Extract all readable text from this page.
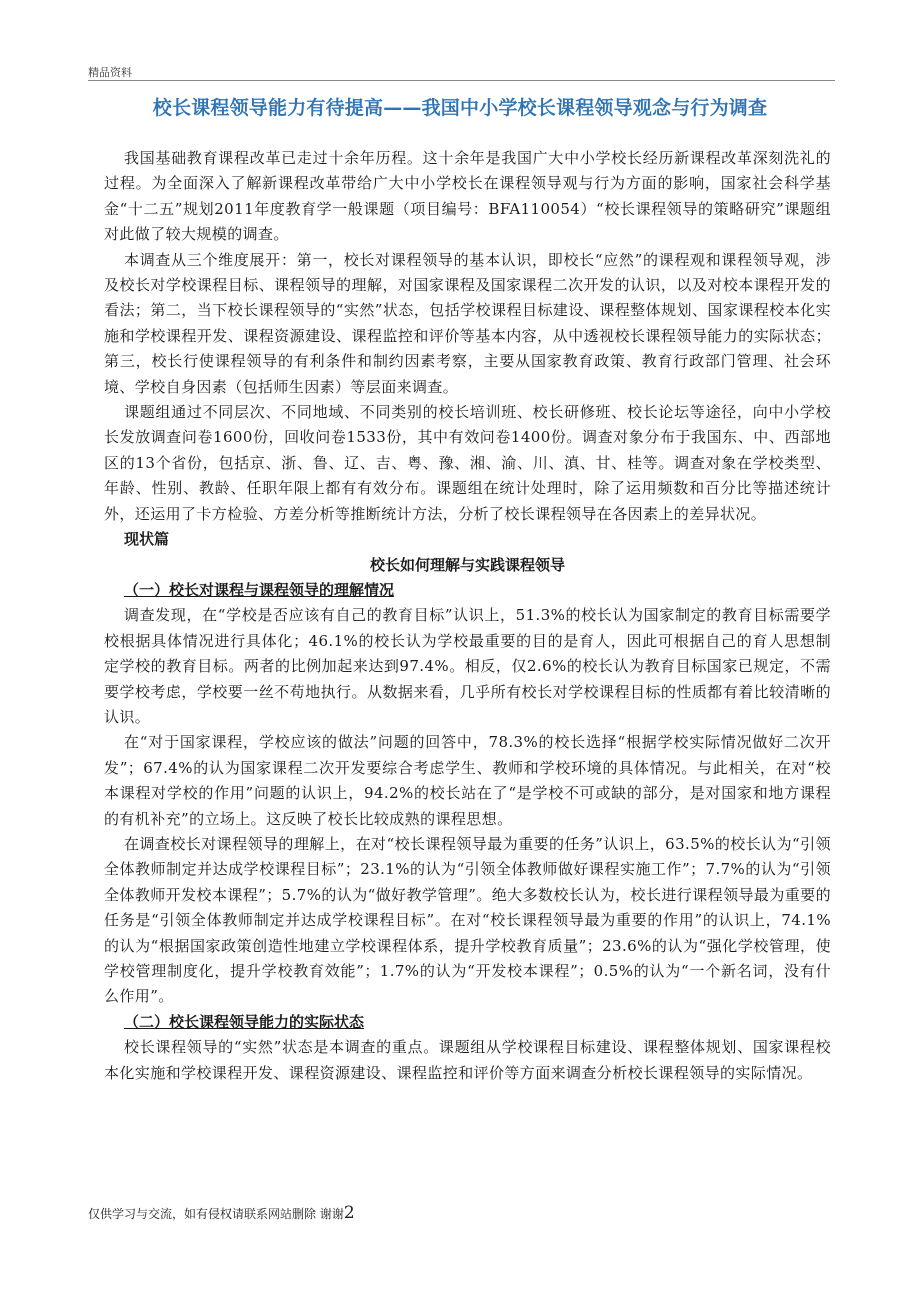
精品资料
校长课程领导能力有待提高——我国中小学校长课程领导观念与行为调查

我国基础教育课程改革已走过十余年历程。这十余年是我国广大中小学校长经历新课程改革深刻洗礼的过程。为全面深入了解新课程改革带给广大中小学校长在课程领导观与行为方面的影响，国家社会科学基金“十二五”规划2011年度教育学一般课题（项目编号：BFA110054）“校长课程领导的策略研究”课题组对此做了较大规模的调查。

本调查从三个维度展开：第一，校长对课程领导的基本认识，即校长“应然”的课程观和课程领导观，涉及校长对学校课程目标、课程领导的理解，对国家课程及国家课程二次开发的认识，以及对校本课程开发的看法；第二，当下校长课程领导的“实然”状态，包括学校课程目标建设、课程整体规划、国家课程校本化实施和学校课程开发、课程资源建设、课程监控和评价等基本内容，从中透视校长课程领导能力的实际状态；第三，校长行使课程领导的有利条件和制约因素考察，主要从国家教育政策、教育行政部门管理、社会环境、学校自身因素（包括师生因素）等层面来调查。

课题组通过不同层次、不同地域、不同类别的校长培训班、校长研修班、校长论坛等途径，向中小学校长发放调查问卷1600份，回收问卷1533份，其中有效问卷1400份。调查对象分布于我国东、中、西部地区的13个省份，包括京、浙、鲁、辽、吉、粤、豫、湘、渝、川、滇、甘、桂等。调查对象在学校类型、年龄、性别、教龄、任职年限上都有有效分布。课题组在统计处理时，除了运用频数和百分比等描述统计外，还运用了卡方检验、方差分析等推断统计方法，分析了校长课程领导在各因素上的差异状况。

现状篇

校长如何理解与实践课程领导

（一）校长对课程与课程领导的理解情况

调查发现，在“学校是否应该有自己的教育目标”认识上，51.3%的校长认为国家制定的教育目标需要学校根据具体情况进行具体化；46.1%的校长认为学校最重要的目的是育人，因此可根据自己的育人思想制定学校的教育目标。两者的比例加起来达到97.4%。相反，仅2.6%的校长认为教育目标国家已规定，不需要学校考虑，学校要一丝不苟地执行。从数据来看，几乎所有校长对学校课程目标的性质都有着比较清晰的认识。

在“对于国家课程，学校应该的做法”问题的回答中，78.3%的校长选择“根据学校实际情况做好二次开发”；67.4%的认为国家课程二次开发要综合考虑学生、教师和学校环境的具体情况。与此相关，在对“校本课程对学校的作用”问题的认识上，94.2%的校长站在了“是学校不可或缺的部分，是对国家和地方课程的有机补充”的立场上。这反映了校长比较成熟的课程思想。

在调查校长对课程领导的理解上，在对“校长课程领导最为重要的任务”认识上，63.5%的校长认为“引领全体教师制定并达成学校课程目标”；23.1%的认为“引领全体教师做好课程实施工作”；7.7%的认为“引领全体教师开发校本课程”；5.7%的认为“做好教学管理”。绝大多数校长认为，校长进行课程领导最为重要的任务是“引领全体教师制定并达成学校课程目标”。在对“校长课程领导最为重要的作用”的认识上，74.1%的认为“根据国家政策创造性地建立学校课程体系，提升学校教育质量”；23.6%的认为“强化学校管理，使学校管理制度化，提升学校教育效能”；1.7%的认为“开发校本课程”；0.5%的认为“一个新名词，没有什么作用”。

（二）校长课程领导能力的实际状态

校长课程领导的“实然”状态是本调查的重点。课题组从学校课程目标建设、课程整体规划、国家课程校本化实施和学校课程开发、课程资源建设、课程监控和评价等方面来调查分析校长课程领导的实际情况。

仅供学习与交流，如有侵权请联系网站删除 谢谢2
